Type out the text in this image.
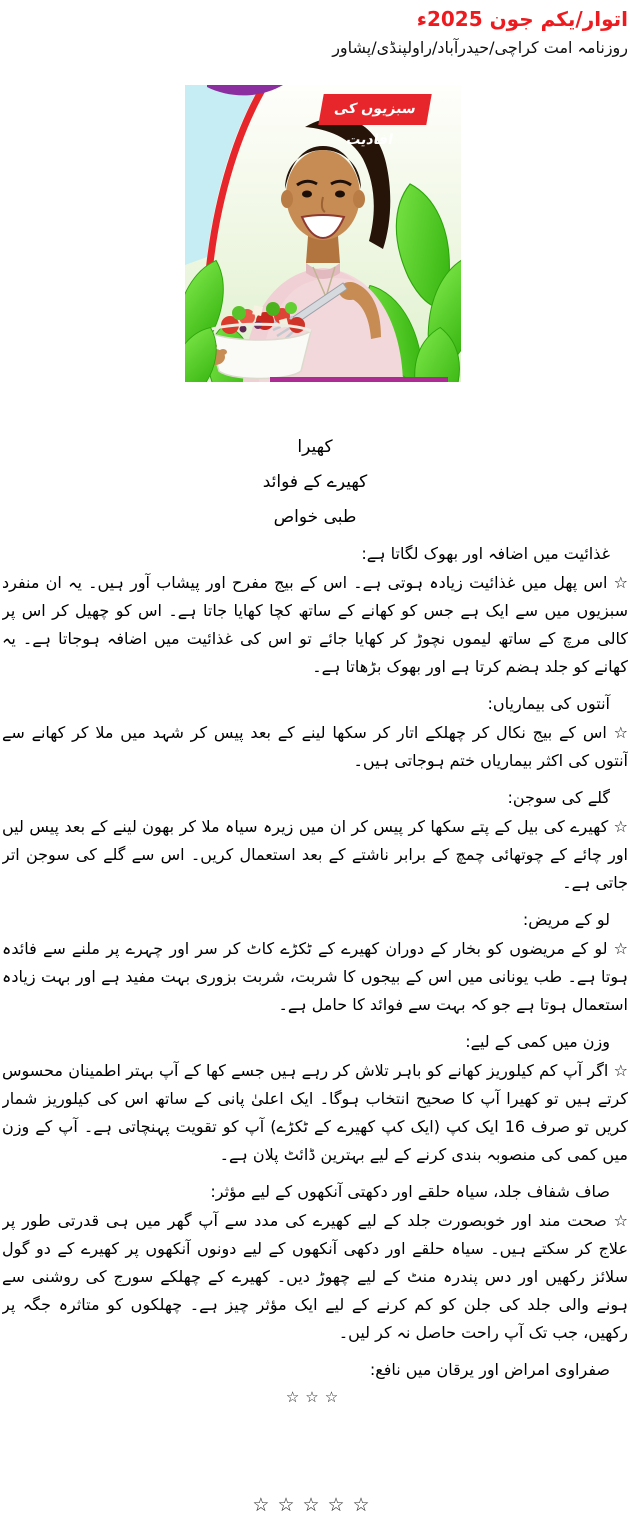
اتوار/یکم جون 2025ء
روزنامہ امت کراچی/حیدرآباد/راولپنڈی/پشاور
سبزیوں کی افادیت
کھیرا
کھیرے کے فوائد
طبی خواص
غذائیت میں اضافہ اور بھوک لگاتا ہے:

☆ اس پھل میں غذائیت زیادہ ہوتی ہے۔ اس کے بیج مفرح اور پیشاب آور ہیں۔ یہ ان منفرد سبزیوں میں سے ایک ہے جس کو کھانے کے ساتھ کچا کھایا جاتا ہے۔ اس کو چھیل کر اس پر کالی مرچ کے ساتھ لیموں نچوڑ کر کھایا جائے تو اس کی غذائیت میں اضافہ ہوجاتا ہے۔ یہ کھانے کو جلد ہضم کرتا ہے اور بھوک بڑھاتا ہے۔

آنتوں کی بیماریاں:

☆ اس کے بیج نکال کر چھلکے اتار کر سکھا لینے کے بعد پیس کر شہد میں ملا کر کھانے سے آنتوں کی اکثر بیماریاں ختم ہوجاتی ہیں۔

گلے کی سوجن:

☆ کھیرے کی بیل کے پتے سکھا کر پیس کر ان میں زیرہ سیاہ ملا کر بھون لینے کے بعد پیس لیں اور چائے کے چوتھائی چمچ کے برابر ناشتے کے بعد استعمال کریں۔ اس سے گلے کی سوجن اتر جاتی ہے۔

لو کے مریض:

☆ لو کے مریضوں کو بخار کے دوران کھیرے کے ٹکڑے کاٹ کر سر اور چہرے پر ملنے سے فائدہ ہوتا ہے۔ طب یونانی میں اس کے بیجوں کا شربت، شربت بزوری بہت مفید ہے اور بہت زیادہ استعمال ہوتا ہے جو کہ بہت سے فوائد کا حامل ہے۔

وزن میں کمی کے لیے:

☆ اگر آپ کم کیلوریز کھانے کو باہر تلاش کر رہے ہیں جسے کھا کے آپ بہتر اطمینان محسوس کرتے ہیں تو کھیرا آپ کا صحیح انتخاب ہوگا۔ ایک اعلیٰ پانی کے ساتھ اس کی کیلوریز شمار کریں تو صرف 16 ایک کپ (ایک کپ کھیرے کے ٹکڑے) آپ کو تقویت پہنچاتی ہے۔ آپ کے وزن میں کمی کی منصوبہ بندی کرنے کے لیے بہترین ڈائٹ پلان ہے۔

صاف شفاف جلد، سیاہ حلقے اور دکھتی آنکھوں کے لیے مؤثر:

☆ صحت مند اور خوبصورت جلد کے لیے کھیرے کی مدد سے آپ گھر میں ہی قدرتی طور پر علاج کر سکتے ہیں۔ سیاہ حلقے اور دکھی آنکھوں کے لیے دونوں آنکھوں پر کھیرے کے دو گول سلائز رکھیں اور دس پندرہ منٹ کے لیے چھوڑ دیں۔ کھیرے کے چھلکے سورج کی روشنی سے ہونے والی جلد کی جلن کو کم کرنے کے لیے ایک مؤثر چیز ہے۔ چھلکوں کو متاثرہ جگہ پر رکھیں، جب تک آپ راحت حاصل نہ کر لیں۔

صفراوی امراض اور یرقان میں نافع:

☆☆☆
☆☆☆☆☆
